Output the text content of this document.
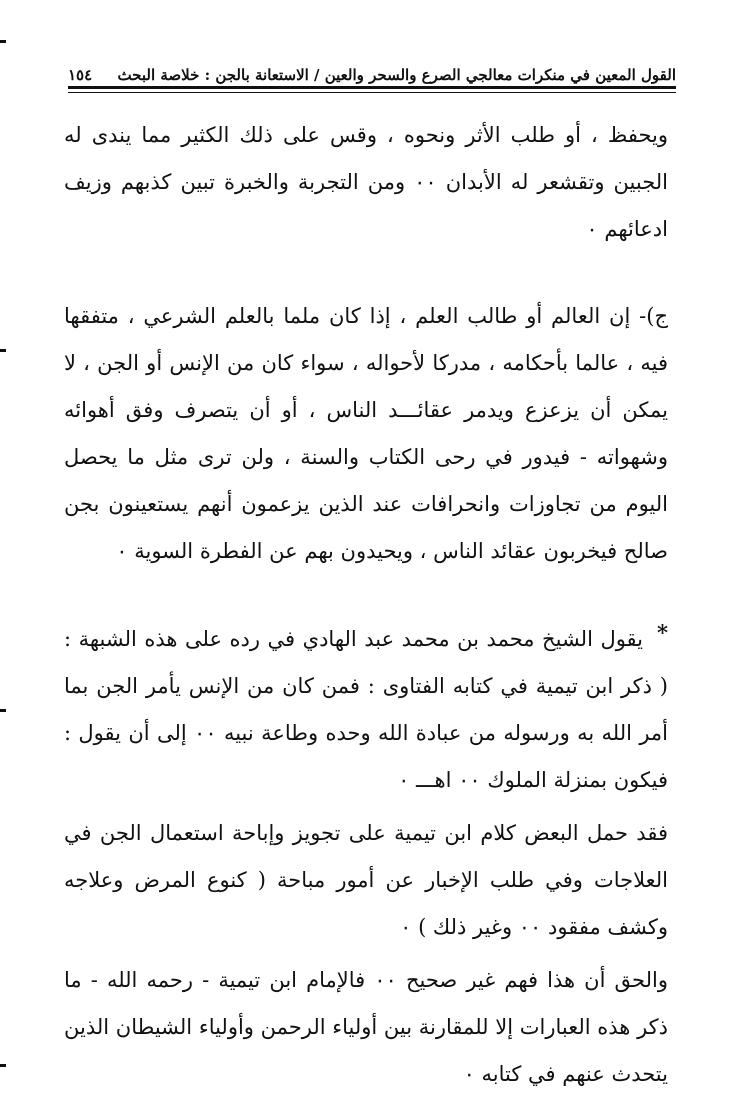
القول المعين في منكرات معالجي الصرع والسحر والعين / الاستعانة بالجن : خلاصة البحث
١٥٤

ويحفظ ، أو طلب الأثر ونحوه ، وقس على ذلك الكثير مما يندى له الجبين وتقشعر له الأبدان ٠٠ ومن التجربة والخبرة تبين كذبهم وزيف ادعائهم ٠

ج)- إن العالم أو طالب العلم ، إذا كان ملما بالعلم الشرعي ، متفقها فيه ، عالما بأحكامه ، مدركا لأحواله ، سواء كان من الإنس أو الجن ، لا يمكن أن يزعزع ويدمر عقائـــد الناس ، أو أن يتصرف وفق أهوائه وشهواته - فيدور في رحى الكتاب والسنة ، ولن ترى مثل ما يحصل اليوم من تجاوزات وانحرافات عند الذين يزعمون أنهم يستعينون بجن صالح فيخربون عقائد الناس ، ويحيدون بهم عن الفطرة السوية ٠

*يقول الشيخ محمد بن محمد عبد الهادي في رده على هذه الشبهة : ( ذكر ابن تيمية في كتابه الفتاوى : فمن كان من الإنس يأمر الجن بما أمر الله به ورسوله من عبادة الله وحده وطاعة نبيه ٠٠ إلى أن يقول : فيكون بمنزلة الملوك ٠٠ اهـــ ٠

فقد حمل البعض كلام ابن تيمية على تجويز وإباحة استعمال الجن في العلاجات وفي طلب الإخبار عن أمور مباحة ( كنوع المرض وعلاجه وكشف مفقود ٠٠ وغير ذلك ) ٠

والحق أن هذا فهم غير صحيح ٠٠ فالإمام ابن تيمية - رحمه الله - ما ذكر هذه العبارات إلا للمقارنة بين أولياء الرحمن وأولياء الشيطان الذين يتحدث عنهم في كتابه ٠
